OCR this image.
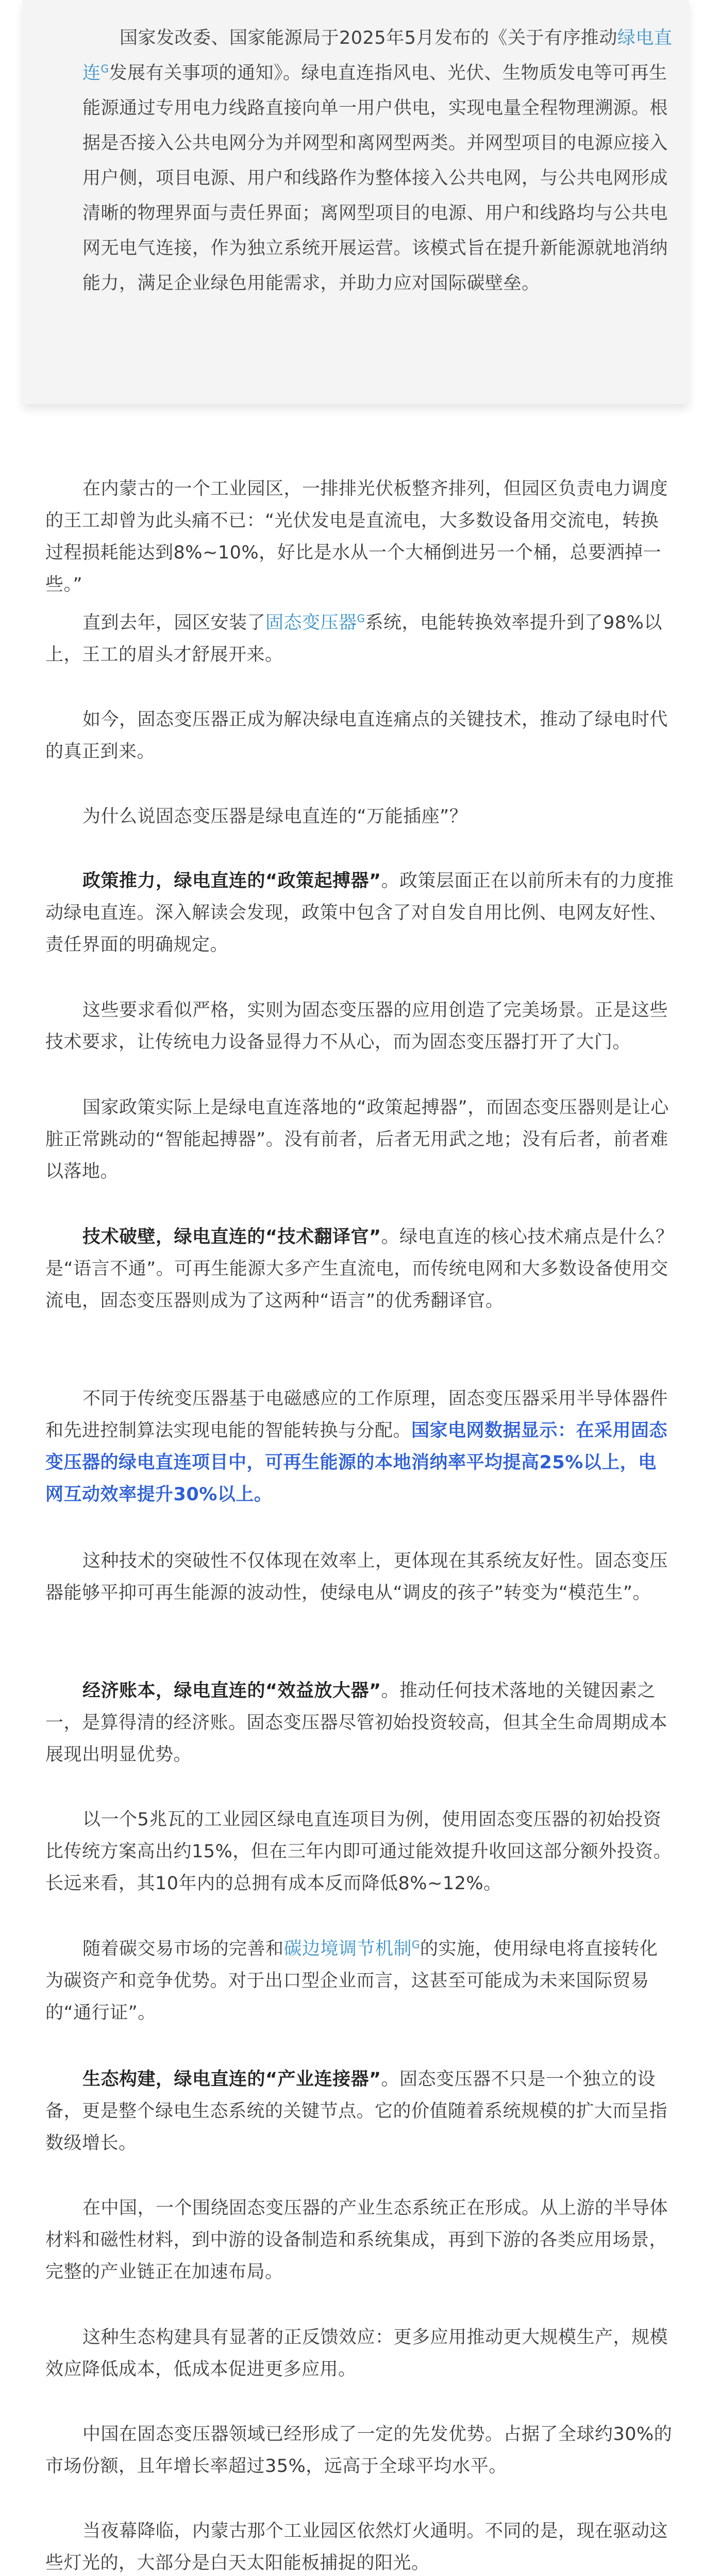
国家发改委、国家能源局于2025年5月发布的《关于有序推动绿电直连$^G$发展有关事项的通知》。绿电直连指风电、光伏、生物质发电等可再生能源通过专用电力线路直接向单一用户供电，实现电量全程物理溯源。根据是否接入公共电网分为并网型和离网型两类。并网型项目的电源应接入用户侧，项目电源、用户和线路作为整体接入公共电网，与公共电网形成清晰的物理界面与责任界面；离网型项目的电源、用户和线路均与公共电网无电气连接，作为独立系统开展运营。该模式旨在提升新能源就地消纳能力，满足企业绿色用能需求，并助力应对国际碳壁垒。

在内蒙古的一个工业园区，一排排光伏板整齐排列，但园区负责电力调度的王工却曾为此头痛不已：“光伏发电是直流电，大多数设备用交流电，转换过程损耗能达到8%~10%，好比是水从一个大桶倒进另一个桶，总要洒掉一些。”

直到去年，园区安装了固态变压器$^G$系统，电能转换效率提升到了98%以上，王工的眉头才舒展开来。

如今，固态变压器正成为解决绿电直连痛点的关键技术，推动了绿电时代的真正到来。

为什么说固态变压器是绿电直连的“万能插座”？

政策推力，绿电直连的“政策起搏器”。政策层面正在以前所未有的力度推动绿电直连。深入解读会发现，政策中包含了对自发自用比例、电网友好性、责任界面的明确规定。

这些要求看似严格，实则为固态变压器的应用创造了完美场景。正是这些技术要求，让传统电力设备显得力不从心，而为固态变压器打开了大门。

国家政策实际上是绿电直连落地的“政策起搏器”，而固态变压器则是让心脏正常跳动的“智能起搏器”。没有前者，后者无用武之地；没有后者，前者难以落地。

技术破壁，绿电直连的“技术翻译官”。绿电直连的核心技术痛点是什么？是“语言不通”。可再生能源大多产生直流电，而传统电网和大多数设备使用交流电，固态变压器则成为了这两种“语言”的优秀翻译官。

不同于传统变压器基于电磁感应的工作原理，固态变压器采用半导体器件和先进控制算法实现电能的智能转换与分配。国家电网数据显示：在采用固态变压器的绿电直连项目中，可再生能源的本地消纳率平均提高25%以上，电网互动效率提升30%以上。

这种技术的突破性不仅体现在效率上，更体现在其系统友好性。固态变压器能够平抑可再生能源的波动性，使绿电从“调皮的孩子”转变为“模范生”。

经济账本，绿电直连的“效益放大器”。推动任何技术落地的关键因素之一，是算得清的经济账。固态变压器尽管初始投资较高，但其全生命周期成本展现出明显优势。

以一个5兆瓦的工业园区绿电直连项目为例，使用固态变压器的初始投资比传统方案高出约15%，但在三年内即可通过能效提升收回这部分额外投资。长远来看，其10年内的总拥有成本反而降低8%~12%。

随着碳交易市场的完善和碳边境调节机制$^G$的实施，使用绿电将直接转化为碳资产和竞争优势。对于出口型企业而言，这甚至可能成为未来国际贸易的“通行证”。

生态构建，绿电直连的“产业连接器”。固态变压器不只是一个独立的设备，更是整个绿电生态系统的关键节点。它的价值随着系统规模的扩大而呈指数级增长。

在中国，一个围绕固态变压器的产业生态系统正在形成。从上游的半导体材料和磁性材料，到中游的设备制造和系统集成，再到下游的各类应用场景，完整的产业链正在加速布局。

这种生态构建具有显著的正反馈效应：更多应用推动更大规模生产，规模效应降低成本，低成本促进更多应用。

中国在固态变压器领域已经形成了一定的先发优势。占据了全球约30%的市场份额，且年增长率超过35%，远高于全球平均水平。

当夜幕降临，内蒙古那个工业园区依然灯火通明。不同的是，现在驱动这些灯光的，大部分是白天太阳能板捕捉的阳光。
